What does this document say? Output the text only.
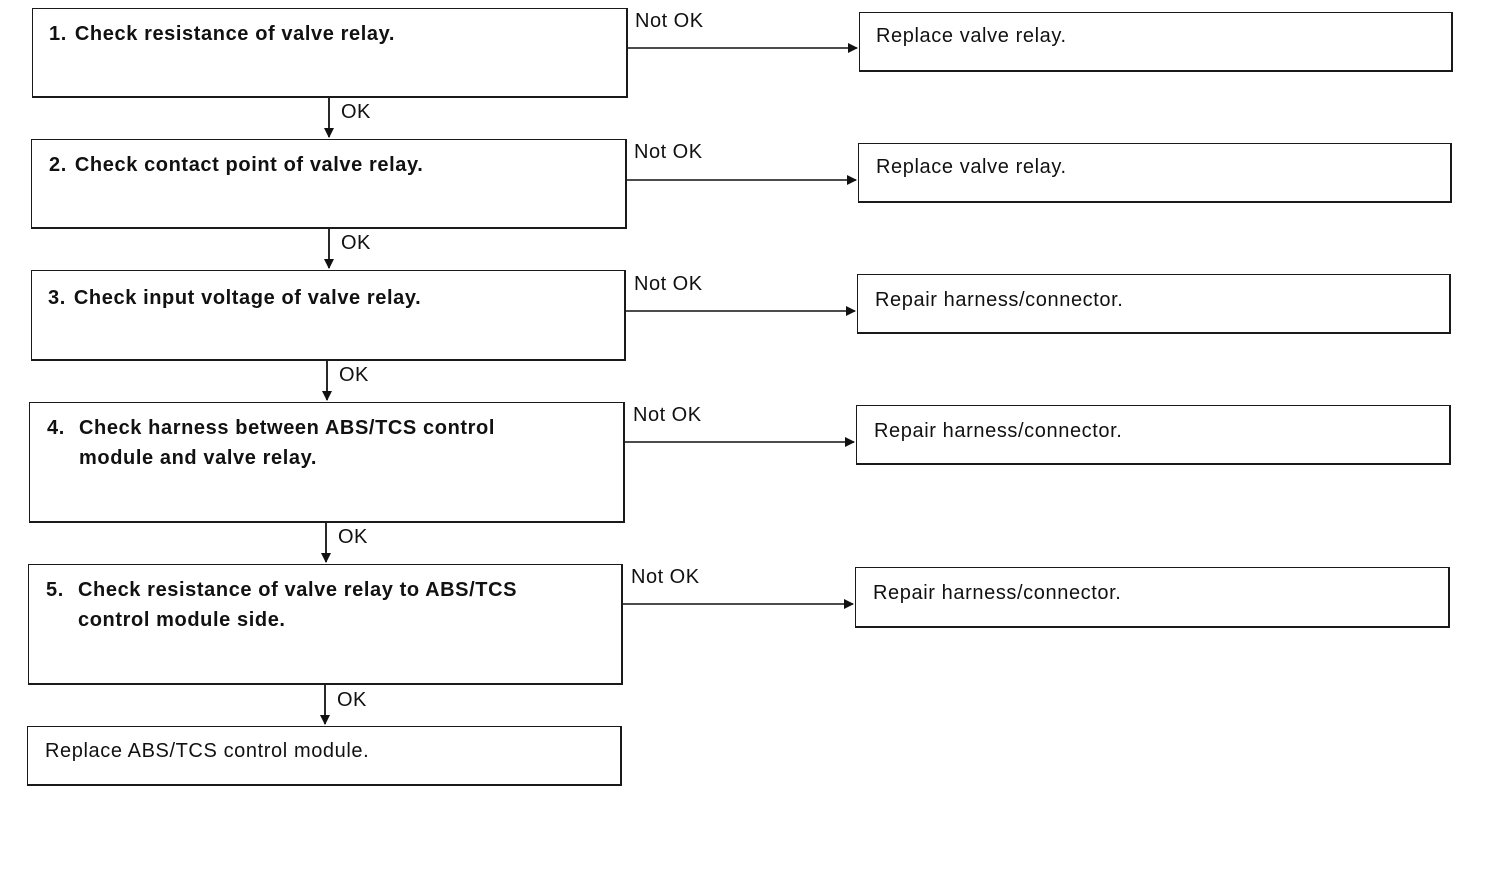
1. Check resistance of valve relay.
Not OK
Replace valve relay.
OK
2. Check contact point of valve relay.
Not OK
Replace valve relay.
OK
3. Check input voltage of valve relay.
Not OK
Repair harness/connector.
OK
4. Check harness between ABS/TCS control
module and valve relay.
Not OK
Repair harness/connector.
OK
5. Check resistance of valve relay to ABS/TCS
control module side.
Not OK
Repair harness/connector.
OK
Replace ABS/TCS control module.
